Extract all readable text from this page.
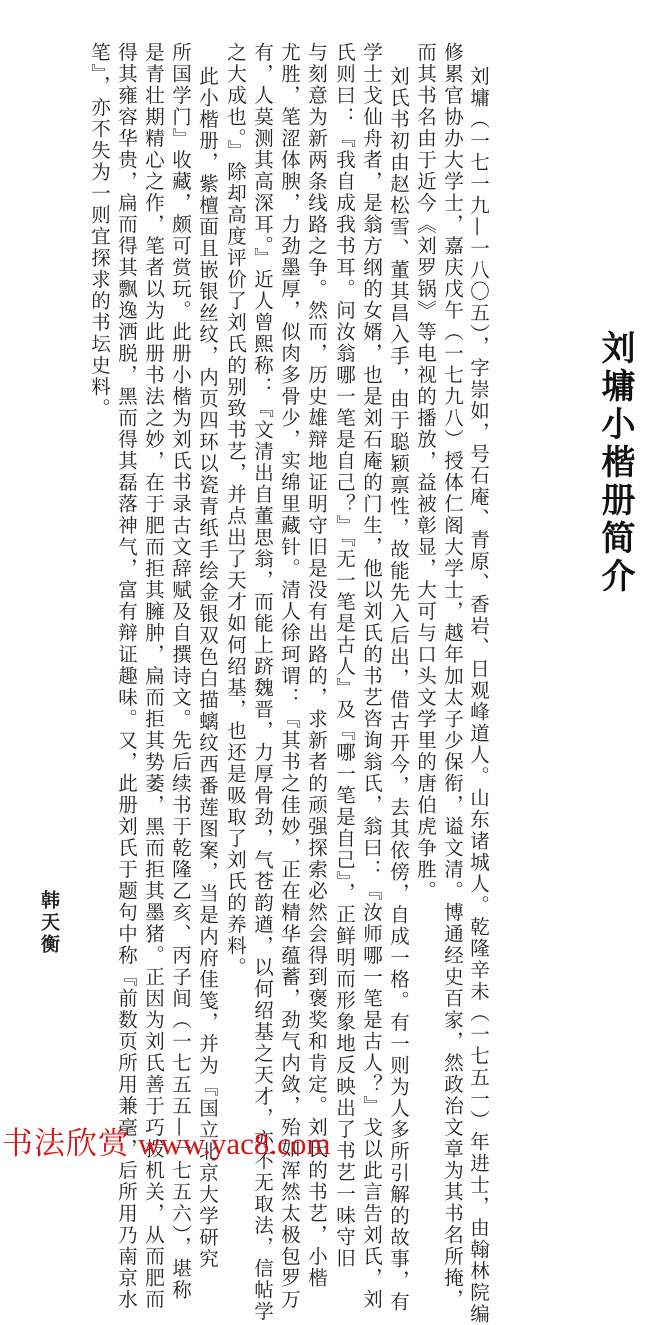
刘墉小楷册简介
刘墉（一七一九—一八〇五），字崇如，号石庵、青原、香岩、日观峰道人。山东诸城人。乾隆辛未（一七五一）年进士，由翰林院编
修累官协办大学士，嘉庆戊午（一七九八）授体仁阁大学士，越年加太子少保衔，谥文清。博通经史百家，然政治文章为其书名所掩，
而其书名由于近今《刘罗锅》等电视的播放，益被彰显，大可与口头文学里的唐伯虎争胜。
刘氏书初由赵松雪、董其昌入手，由于聪颖禀性，故能先入后出，借古开今，去其依傍，自成一格。有一则为人多所引解的故事，有
学士戈仙舟者，是翁方纲的女婿，也是刘石庵的门生，他以刘氏的书艺咨询翁氏，翁曰：『汝师哪一笔是古人？』戈以此言告刘氏，刘
氏则曰：『我自成我书耳。问汝翁哪一笔是自己？』『无一笔是古人』及『哪一笔是自己』，正鲜明而形象地反映出了书艺一味守旧
与刻意为新两条线路之争。然而，历史雄辩地证明守旧是没有出路的，求新者的顽强探索必然会得到褒奖和肯定。刘氏的书艺，小楷
尤胜，笔涩体腴，力劲墨厚，似肉多骨少，实绵里藏针。清人徐珂谓：『其书之佳妙，正在精华蕴蓄，劲气内敛，殆如浑然太极包罗万
有，人莫测其高深耳。』近人曾熙称：『文清出自董思翁，而能上跻魏晋，力厚骨劲，气苍韵遒，以何绍基之天才，亦不无取法，信帖学
之大成也。』除却高度评价了刘氏的别致书艺，并点出了天才如何绍基，也还是吸取了刘氏的养料。
此小楷册，紫檀面且嵌银丝纹，内页四环以瓷青纸手绘金银双色白描螭纹西番莲图案，当是内府佳笺，并为『国立北京大学研究
所国学门』收藏，颇可赏玩。此册小楷为刘氏书录古文辞赋及自撰诗文。先后续书于乾隆乙亥、丙子间（一七五五—一七五六），堪称
是青壮期精心之作，笔者以为此册书法之妙，在于肥而拒其臃肿，扁而拒其势萎，黑而拒其墨猪。正因为刘氏善于巧拨机关，从而肥而
得其雍容华贵，扁而得其飘逸洒脱，黑而得其磊落神气，富有辩证趣味。又，此册刘氏于题句中称『前数页所用兼毫，后所用乃南京水
笔』，亦不失为一则宜探求的书坛史料。
韩天衡
书法欣赏 www.yac8.com
